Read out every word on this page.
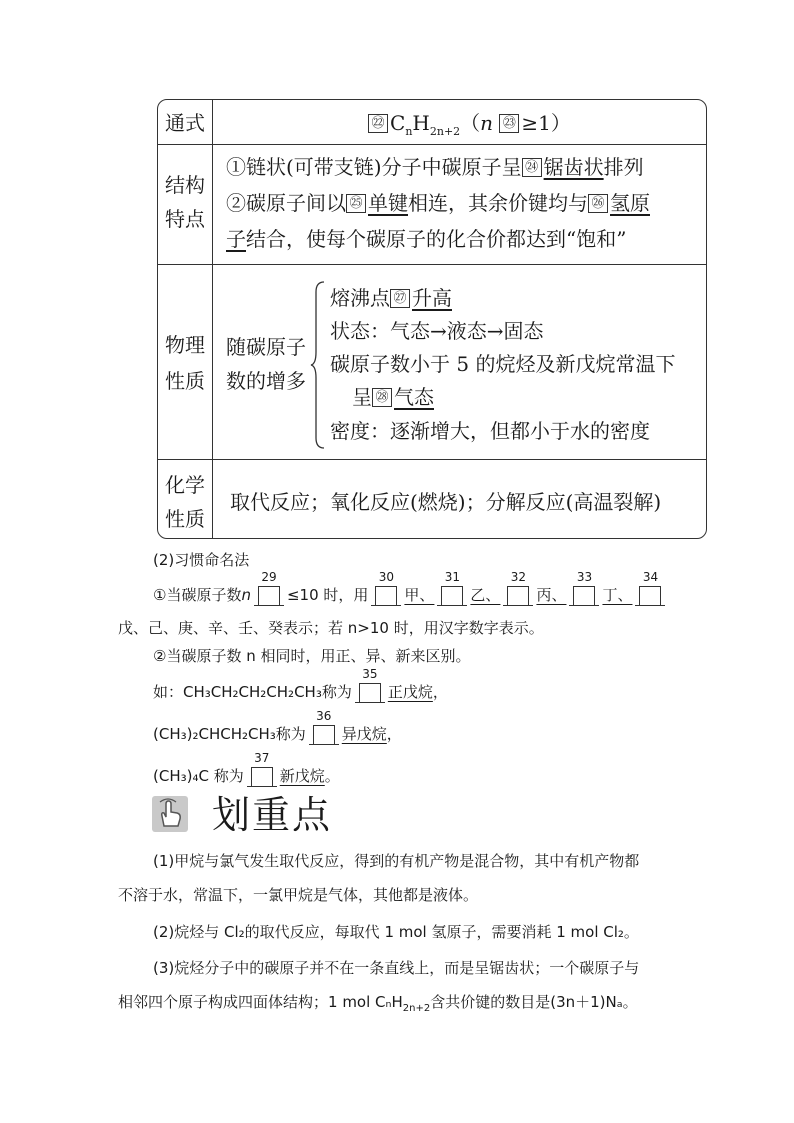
通式	㉒ $C_nH_{2n+2}(n$ ㉓ ≥1）
结构
特点
①链状(可带支链)分子中碳原子呈 ㉔ 锯齿状排列
②碳原子间以 ㉕ 单键相连，其余价键均与 ㉖ 氢原
子结合，使每个碳原子的化合价都达到“饱和”
物理
性质
随碳原子
数的增多
熔沸点 ㉗ 升高
状态：气态→液态→固态
碳原子数小于 5 的烷烃及新戊烷常温下
呈 ㉘ 气态
密度：逐渐增大，但都小于水的密度
化学
性质
取代反应；氧化反应(燃烧)；分解反应(高温裂解)
(2)习惯命名法
①当碳原子数n
29
≤10 时，用
30
甲、
31
乙、
32
丙、
33
丁、
34
戊、己、庚、辛、壬、癸表示；若 n>10 时，用汉字数字表示。
②当碳原子数 n 相同时，用正、异、新来区别。
如：CH₃CH₂CH₂CH₂CH₃称为
35
正戊烷，
(CH₃)₂CHCH₂CH₃称为
36
异戊烷，
(CH₃)₄C 称为
37
新戊烷。
划重点
(1)甲烷与氯气发生取代反应，得到的有机产物是混合物，其中有机产物都
不溶于水，常温下，一氯甲烷是气体，其他都是液体。
(2)烷烃与 Cl₂的取代反应，每取代 1 mol 氢原子，需要消耗 1 mol Cl₂。
(3)烷烃分子中的碳原子并不在一条直线上，而是呈锯齿状；一个碳原子与
相邻四个原子构成四面体结构；1 mol CₙH$_{2n+2}$含共价键的数目是(3n＋1)Nₐ。
